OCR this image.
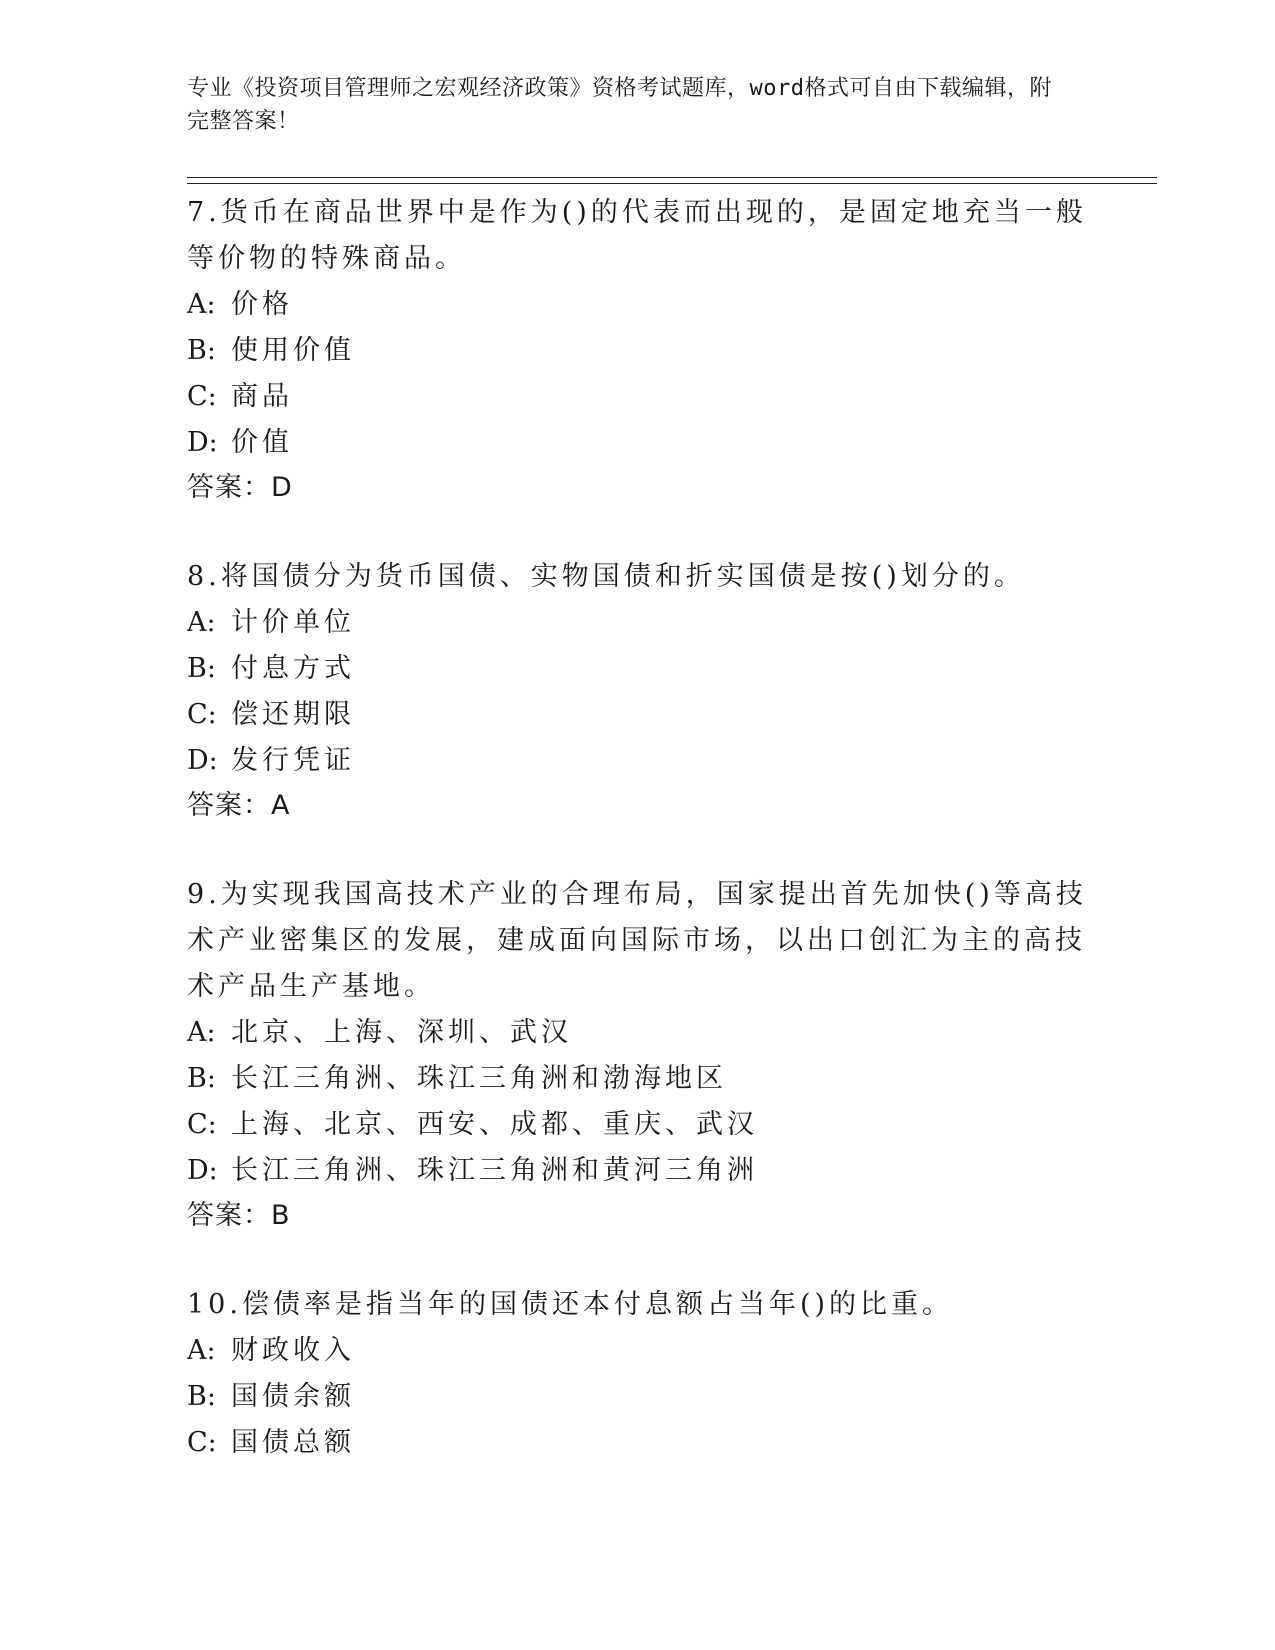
专业《投资项目管理师之宏观经济政策》资格考试题库，word格式可自由下载编辑，附完整答案！
7.货币在商品世界中是作为()的代表而出现的，是固定地充当一般等价物的特殊商品。
A: 价格
B: 使用价值
C: 商品
D: 价值
答案：D
8.将国债分为货币国债、实物国债和折实国债是按()划分的。
A: 计价单位
B: 付息方式
C: 偿还期限
D: 发行凭证
答案：A
9.为实现我国高技术产业的合理布局，国家提出首先加快()等高技术产业密集区的发展，建成面向国际市场，以出口创汇为主的高技术产品生产基地。
A: 北京、上海、深圳、武汉
B: 长江三角洲、珠江三角洲和渤海地区
C: 上海、北京、西安、成都、重庆、武汉
D: 长江三角洲、珠江三角洲和黄河三角洲
答案：B
10.偿债率是指当年的国债还本付息额占当年()的比重。
A: 财政收入
B: 国债余额
C: 国债总额
